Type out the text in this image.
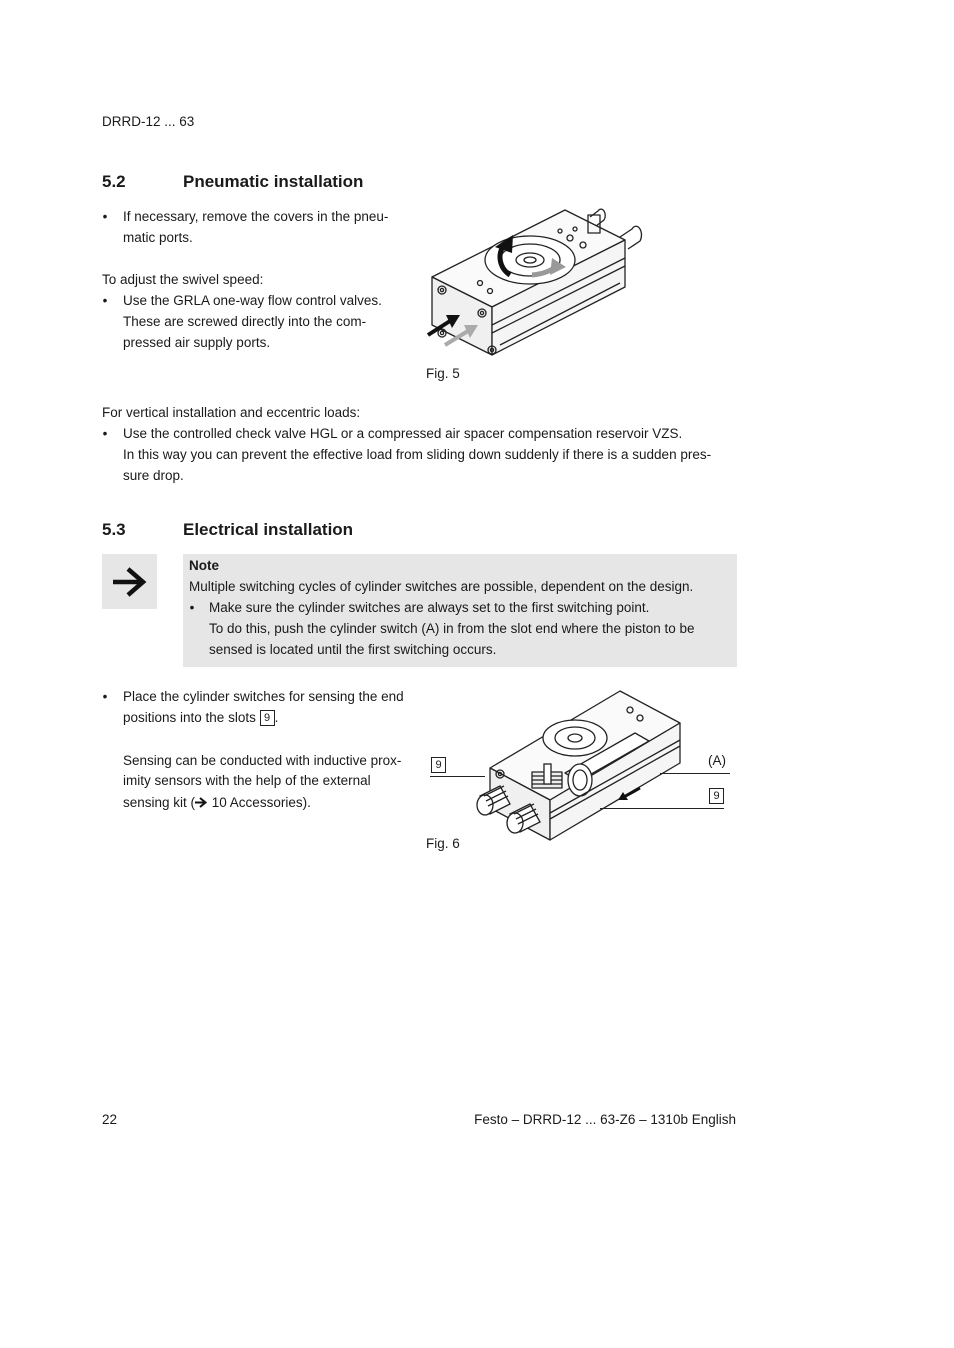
DRRD-12 ... 63
5.2	Pneumatic installation
• If necessary, remove the covers in the pneu-
matic ports.
To adjust the swivel speed:
• Use the GRLA one-way flow control valves.
These are screwed directly into the com-
pressed air supply ports.
Fig. 5
For vertical installation and eccentric loads:
• Use the controlled check valve HGL or a compressed air spacer compensation reservoir VZS.
In this way you can prevent the effective load from sliding down suddenly if there is a sudden pres-
sure drop.
5.3	Electrical installation
Note
Multiple switching cycles of cylinder switches are possible, dependent on the design.
• Make sure the cylinder switches are always set to the first switching point.
To do this, push the cylinder switch (A) in from the slot end where the piston to be
sensed is located until the first switching occurs.
• Place the cylinder switches for sensing the end
positions into the slots 9 .
Sensing can be conducted with inductive prox-
imity sensors with the help of the external
sensing kit ( 10 Accessories).
9	(A)
9
Fig. 6
22	Festo – DRRD-12 ... 63-Z6 – 1310b English
